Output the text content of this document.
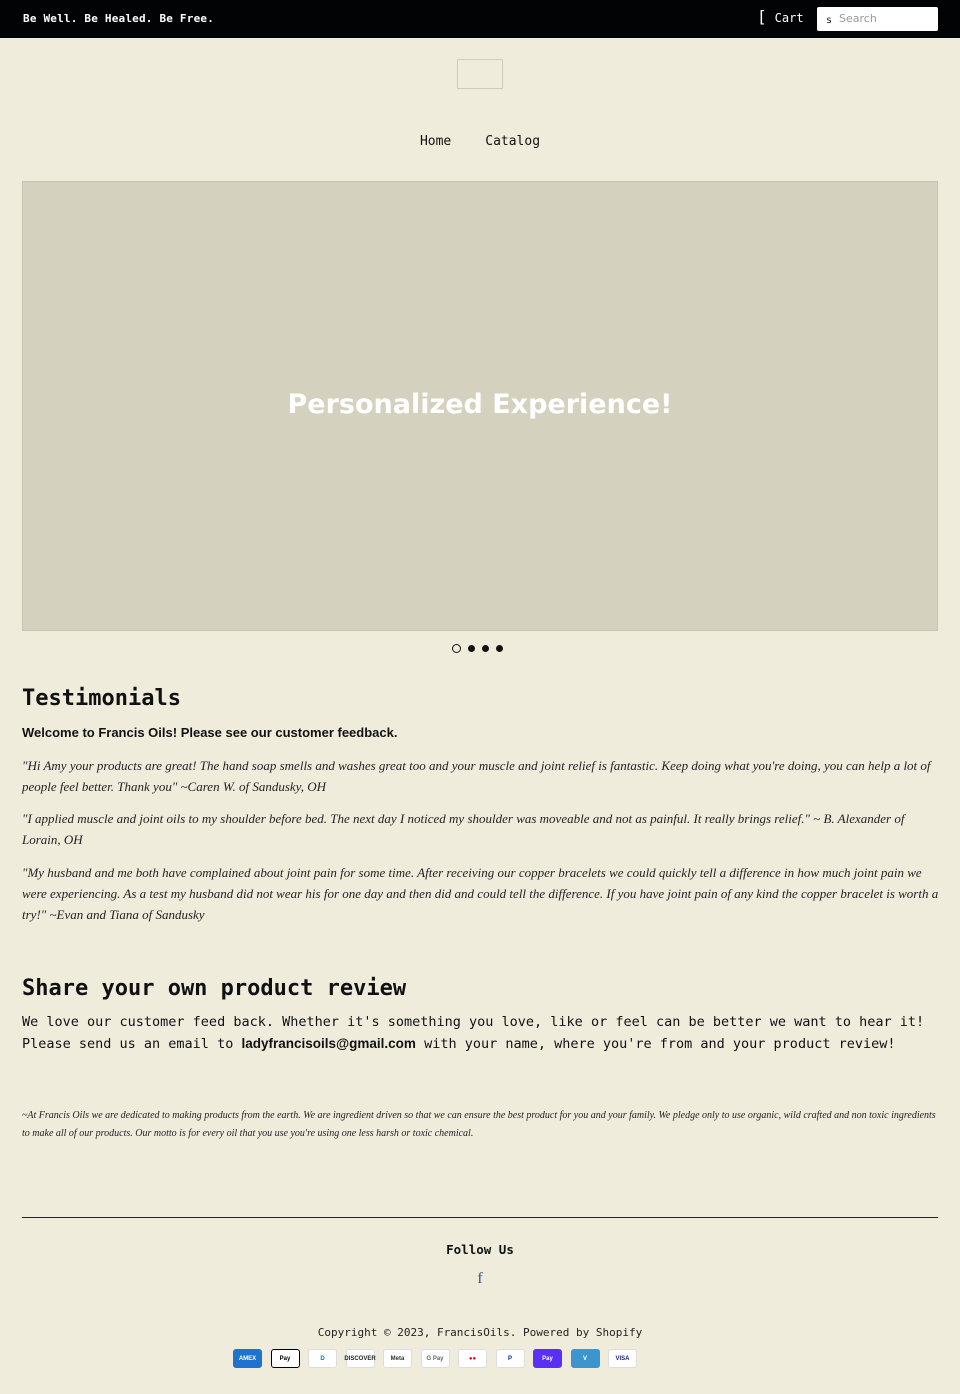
Be Well. Be Healed. Be Free.	[ Cart s
Search
Home	Catalog
Personalized Experience!
Testimonials

Welcome to Francis Oils! Please see our customer feedback.

"Hi Amy your products are great! The hand soap smells and washes great too and your muscle and joint relief is fantastic. Keep doing what you're doing, you can help a lot of people feel better. Thank you" ~Caren W. of Sandusky, OH

"I applied muscle and joint oils to my shoulder before bed. The next day I noticed my shoulder was moveable and not as painful. It really brings relief." ~ B. Alexander of Lorain, OH

"My husband and me both have complained about joint pain for some time. After receiving our copper bracelets we could quickly tell a difference in how much joint pain we were experiencing. As a test my husband did not wear his for one day and then did and could tell the difference. If you have joint pain of any kind the copper bracelet is worth a try!" ~Evan and Tiana of Sandusky

Share your own product review

We love our customer feed back. Whether it's something you love, like or feel can be better we want to hear it! Please send us an email to ladyfrancisoils@gmail.com with your name, where you're from and your product review!

~At Francis Oils we are dedicated to making products from the earth. We are ingredient driven so that we can ensure the best product for you and your family. We pledge only to use organic, wild crafted and non toxic ingredients to make all of our products. Our motto is for every oil that you use you're using one less harsh or toxic chemical.

Follow Us
f
Copyright © 2023, FrancisOils. Powered by Shopify
AMEX	Pay	D	DISCOVER	Meta	G Pay	●●	P	Pay	V	VISA
